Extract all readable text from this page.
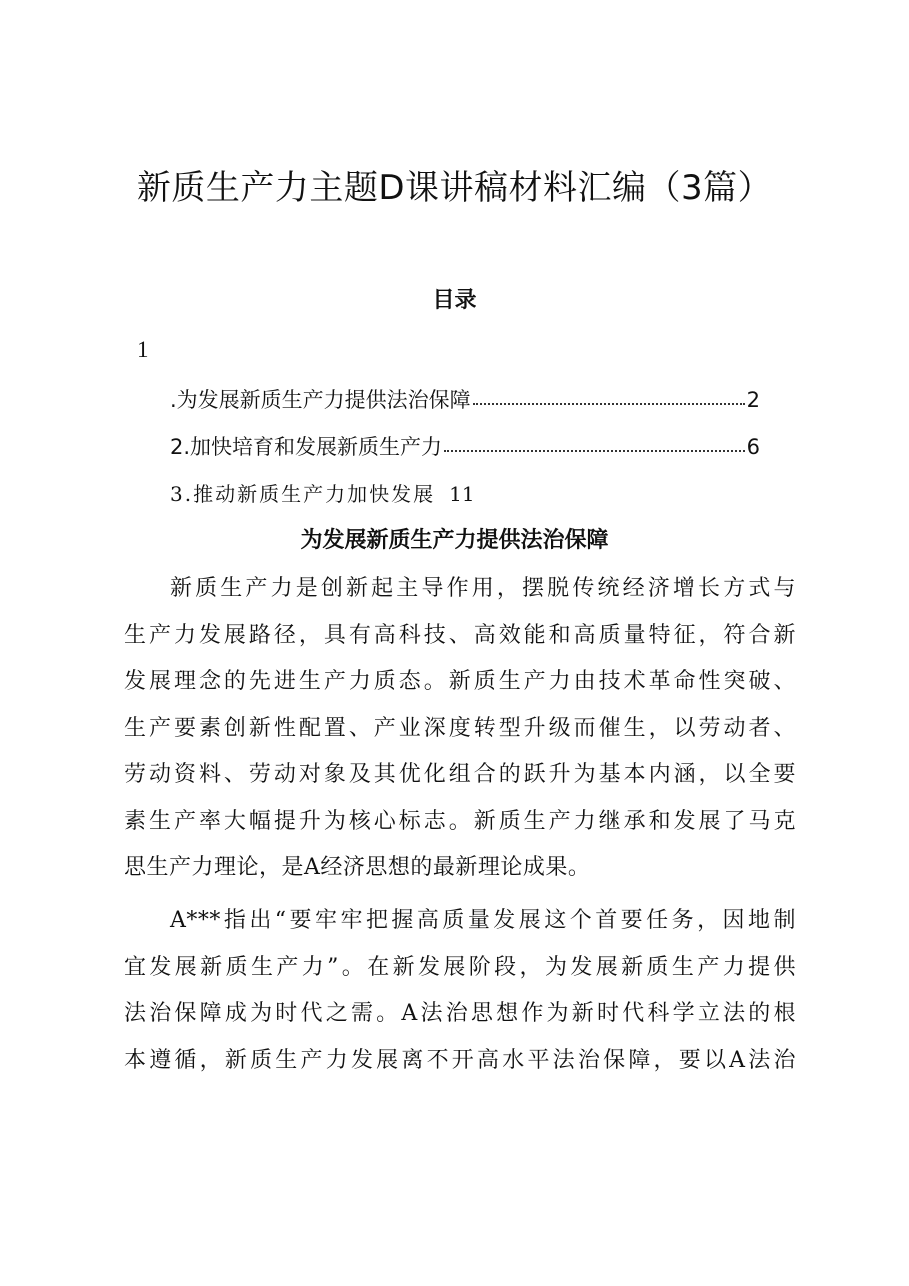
新质生产力主题D课讲稿材料汇编（3篇）
目录
1
.为发展新质生产力提供法治保障	2
2.加快培育和发展新质生产力	6
3.推动新质生产力加快发展 11
为发展新质生产力提供法治保障

新质生产力是创新起主导作用，摆脱传统经济增长方式与
生产力发展路径，具有高科技、高效能和高质量特征，符合新
发展理念的先进生产力质态。新质生产力由技术革命性突破、
生产要素创新性配置、产业深度转型升级而催生，以劳动者、
劳动资料、劳动对象及其优化组合的跃升为基本内涵，以全要
素生产率大幅提升为核心标志。新质生产力继承和发展了马克
思生产力理论，是A经济思想的最新理论成果。

A***指出“要牢牢把握高质量发展这个首要任务，因地制
宜发展新质生产力”。在新发展阶段，为发展新质生产力提供
法治保障成为时代之需。A法治思想作为新时代科学立法的根
本遵循，新质生产力发展离不开高水平法治保障，要以A法治
